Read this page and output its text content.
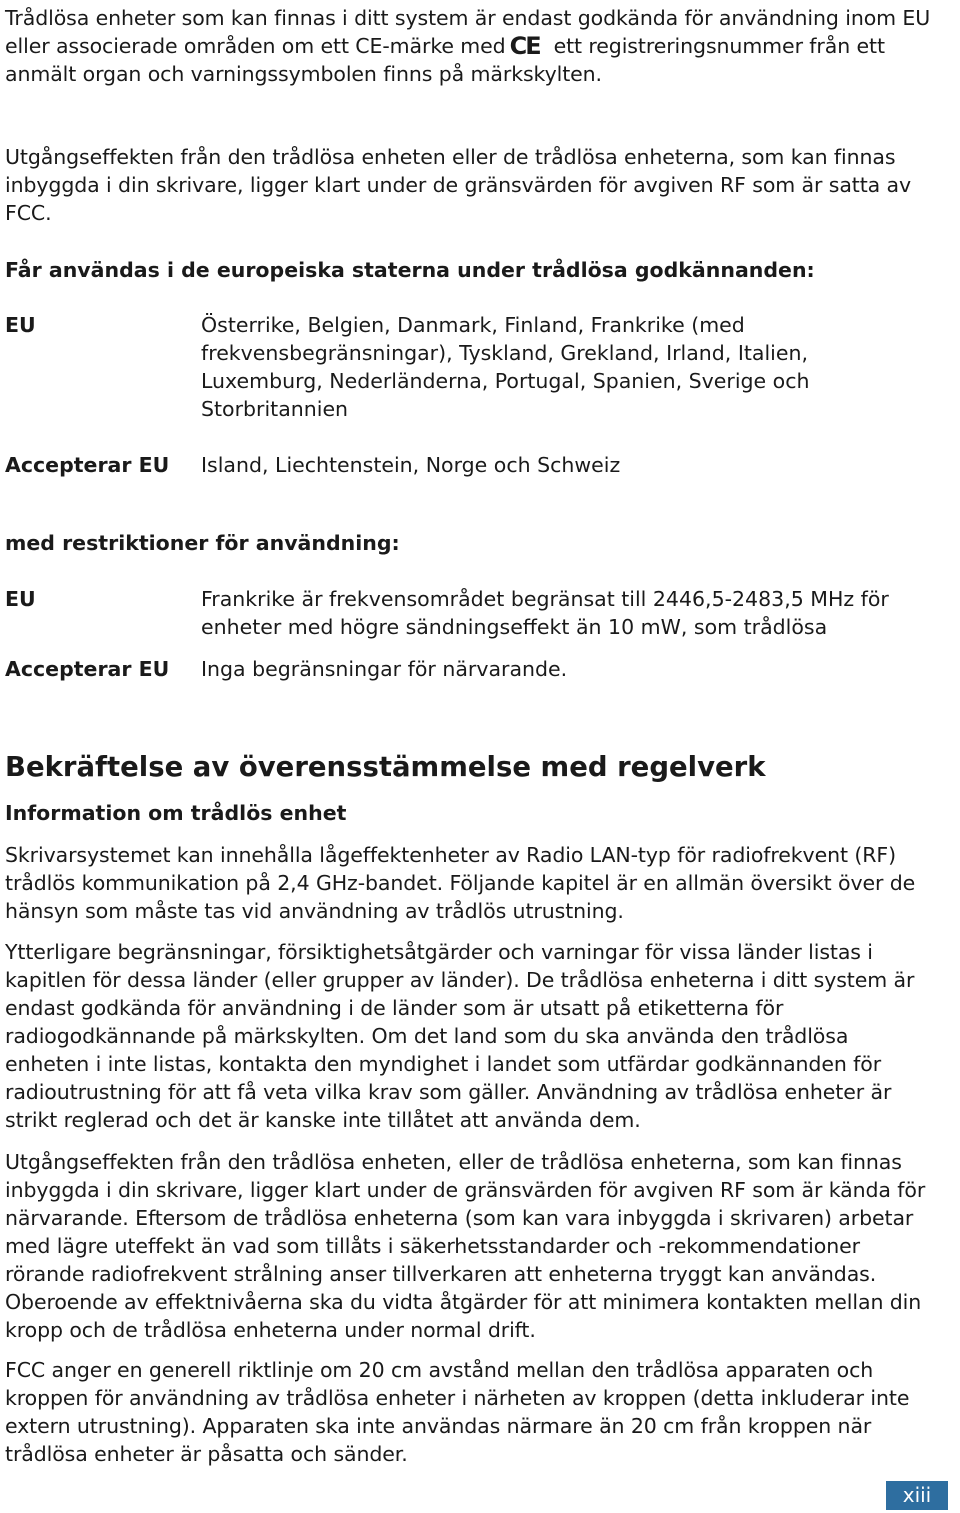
Trådlösa enheter som kan finnas i ditt system är endast godkända för användning inom EU eller associerade områden om ett CE-märke med CE ett registreringsnummer från ett anmält organ och varningssymbolen finns på märkskylten.

Utgångseffekten från den trådlösa enheten eller de trådlösa enheterna, som kan finnas inbyggda i din skrivare, ligger klart under de gränsvärden för avgiven RF som är satta av FCC.

Får användas i de europeiska staterna under trådlösa godkännanden:

EU	Österrike, Belgien, Danmark, Finland, Frankrike (med frekvensbegränsningar), Tyskland, Grekland, Irland, Italien, Luxemburg, Nederländerna, Portugal, Spanien, Sverige och Storbritannien
Accepterar EU Island, Liechtenstein, Norge och Schweiz

med restriktioner för användning:

EU	Frankrike är frekvensområdet begränsat till 2446,5-2483,5 MHz för enheter med högre sändningseffekt än 10 mW, som trådlösa
Accepterar EU Inga begränsningar för närvarande.
Bekräftelse av överensstämmelse med regelverk

Information om trådlös enhet

Skrivarsystemet kan innehålla lågeffektenheter av Radio LAN-typ för radiofrekvent (RF) trådlös kommunikation på 2,4 GHz-bandet. Följande kapitel är en allmän översikt över de hänsyn som måste tas vid användning av trådlös utrustning.

Ytterligare begränsningar, försiktighetsåtgärder och varningar för vissa länder listas i kapitlen för dessa länder (eller grupper av länder). De trådlösa enheterna i ditt system är endast godkända för användning i de länder som är utsatt på etiketterna för radiogodkännande på märkskylten. Om det land som du ska använda den trådlösa enheten i inte listas, kontakta den myndighet i landet som utfärdar godkännanden för radioutrustning för att få veta vilka krav som gäller. Användning av trådlösa enheter är strikt reglerad och det är kanske inte tillåtet att använda dem.

Utgångseffekten från den trådlösa enheten, eller de trådlösa enheterna, som kan finnas inbyggda i din skrivare, ligger klart under de gränsvärden för avgiven RF som är kända för närvarande. Eftersom de trådlösa enheterna (som kan vara inbyggda i skrivaren) arbetar med lägre uteffekt än vad som tillåts i säkerhetsstandarder och -rekommendationer rörande radiofrekvent strålning anser tillverkaren att enheterna tryggt kan användas. Oberoende av effektnivåerna ska du vidta åtgärder för att minimera kontakten mellan din kropp och de trådlösa enheterna under normal drift.

FCC anger en generell riktlinje om 20 cm avstånd mellan den trådlösa apparaten och kroppen för användning av trådlösa enheter i närheten av kroppen (detta inkluderar inte extern utrustning). Apparaten ska inte användas närmare än 20 cm från kroppen när trådlösa enheter är påsatta och sänder.

xiii
